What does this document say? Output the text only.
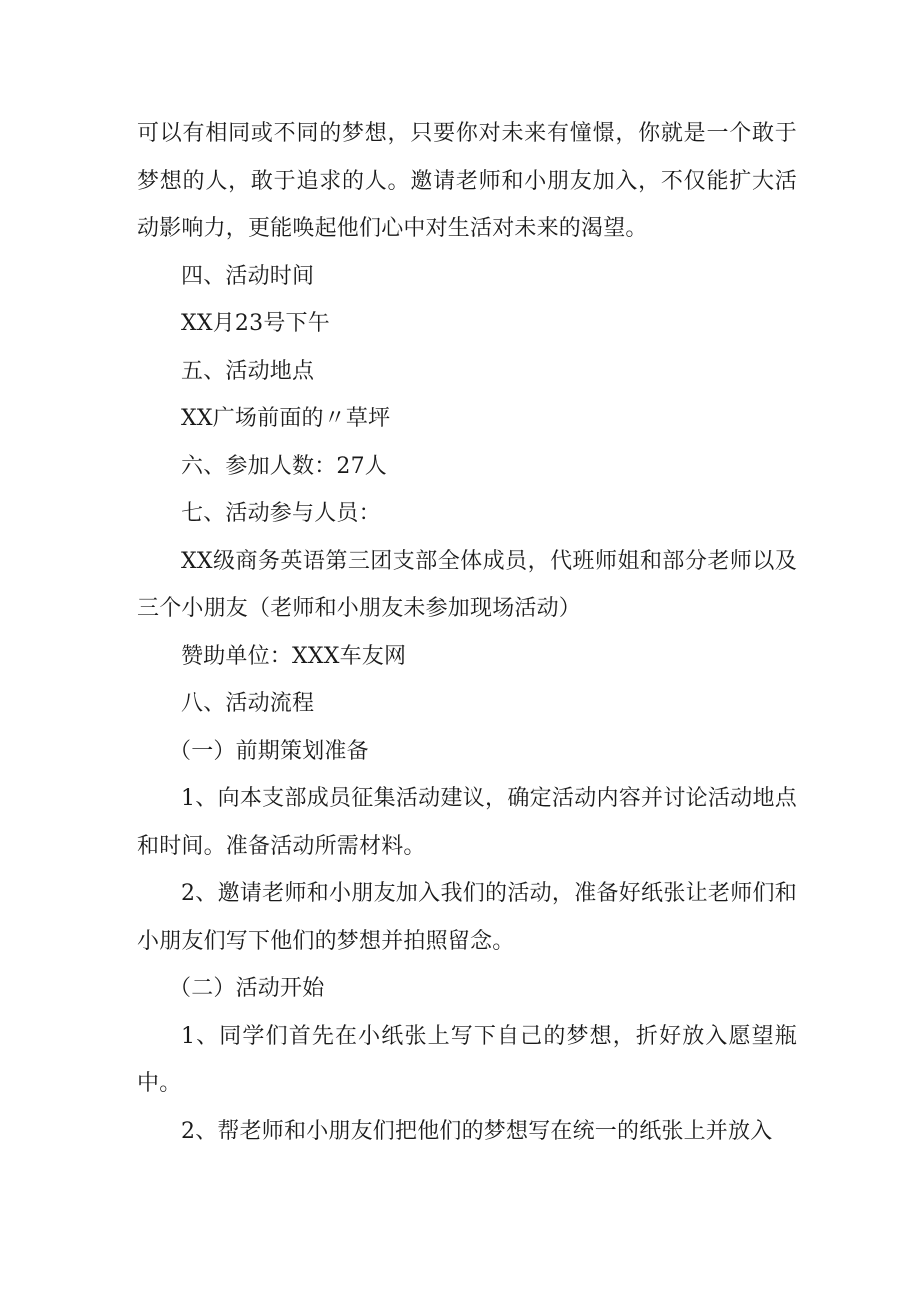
可以有相同或不同的梦想，只要你对未来有憧憬，你就是一个敢于梦想的人，敢于追求的人。邀请老师和小朋友加入，不仅能扩大活动影响力，更能唤起他们心中对生活对未来的渴望。

四、活动时间

XX月23号下午

五、活动地点

XX广场前面的〃草坪

六、参加人数：27人

七、活动参与人员：

XX级商务英语第三团支部全体成员，代班师姐和部分老师以及三个小朋友（老师和小朋友未参加现场活动）

赞助单位：XXX车友网

八、活动流程

（一）前期策划准备

1、向本支部成员征集活动建议，确定活动内容并讨论活动地点和时间。准备活动所需材料。

2、邀请老师和小朋友加入我们的活动，准备好纸张让老师们和小朋友们写下他们的梦想并拍照留念。

（二）活动开始

1、同学们首先在小纸张上写下自己的梦想，折好放入愿望瓶中。

2、帮老师和小朋友们把他们的梦想写在统一的纸张上并放入
